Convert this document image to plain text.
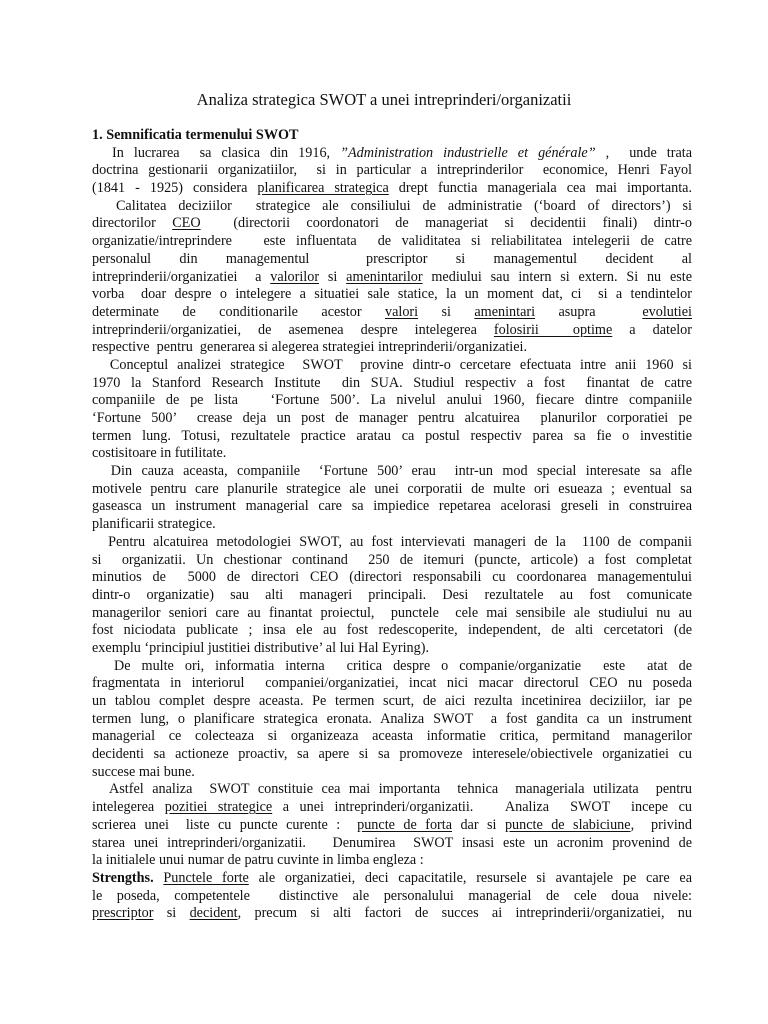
Analiza strategica SWOT a unei intreprinderi/organizatii
1. Semnificatia termenului SWOT
In lucrarea  sa clasica din 1916, ”Administration industrielle et générale” ,  unde trata
doctrina gestionarii organizatiilor,  si in particular a intreprinderilor  economice, Henri Fayol
(1841 - 1925) considera planificarea strategica drept functia manageriala cea mai importanta.
Calitatea deciziilor  strategice ale consiliului de administratie (‘board of directors’) si
directorilor CEO  (directorii coordonatori de manageriat si decidentii finali) dintr-o
organizatie/intreprindere   este influentata  de validitatea si reliabilitatea intelegerii de catre
personalul din managementul  prescriptor si managementul decident al
intreprinderii/organizatiei  a valorilor si amenintarilor mediului sau intern si extern. Si nu este
vorba  doar despre o intelegere a situatiei sale statice, la un moment dat, ci  si a tendintelor
determinate de conditionarile acestor valori si amenintari asupra  evolutiei
intreprinderii/organizatiei, de asemenea despre intelegerea folosirii  optime a datelor
respective  pentru  generarea si alegerea strategiei intreprinderii/organizatiei.
Conceptul analizei strategice  SWOT  provine dintr-o cercetare efectuata intre anii 1960 si
1970 la Stanford Research Institute  din SUA. Studiul respectiv a fost  finantat de catre
companiile de pe lista   ‘Fortune 500’. La nivelul anului 1960, fiecare dintre companiile
‘Fortune 500’  crease deja un post de manager pentru alcatuirea  planurilor corporatiei pe
termen lung. Totusi, rezultatele practice aratau ca postul respectiv parea sa fie o investitie
costisitoare in futilitate.
Din cauza aceasta, companiile  ‘Fortune 500’ erau  intr-un mod special interesate sa afle
motivele pentru care planurile strategice ale unei corporatii de multe ori esueaza ; eventual sa
gaseasca un instrument managerial care sa impiedice repetarea acelorasi greseli in construirea
planificarii strategice.
Pentru alcatuirea metodologiei SWOT, au fost intervievati manageri de la  1100 de companii
si  organizatii. Un chestionar continand  250 de itemuri (puncte, articole) a fost completat
minutios de  5000 de directori CEO (directori responsabili cu coordonarea managementului
dintr-o organizatie) sau alti manageri principali. Desi rezultatele au fost comunicate
managerilor seniori care au finantat proiectul,  punctele  cele mai sensibile ale studiului nu au
fost niciodata publicate ; insa ele au fost redescoperite, independent, de alti cercetatori (de
exemplu ‘principiul justitiei distributive’ al lui Hal Eyring).
De multe ori, informatia interna  critica despre o companie/organizatie  este  atat de
fragmentata in interiorul  companiei/organizatiei, incat nici macar directorul CEO nu poseda
un tablou complet despre aceasta. Pe termen scurt, de aici rezulta incetinirea deciziilor, iar pe
termen lung, o planificare strategica eronata. Analiza SWOT  a fost gandita ca un instrument
managerial ce colecteaza si organizeaza aceasta informatie critica, permitand managerilor
decidenti sa actioneze proactiv, sa apere si sa promoveze interesele/obiectivele organizatiei cu
succese mai bune.
Astfel analiza  SWOT constituie cea mai importanta  tehnica  manageriala utilizata  pentru
intelegerea pozitiei strategice a unei intreprinderi/organizatii.   Analiza  SWOT  incepe cu
scrierea unei  liste cu puncte curente :  puncte de forta dar si puncte de slabiciune,  privind
starea unei intreprinderi/organizatii.   Denumirea  SWOT insasi este un acronim provenind de
la initialele unui numar de patru cuvinte in limba engleza :
Strengths. Punctele forte ale organizatiei, deci capacitatile, resursele si avantajele pe care ea
le poseda, competentele  distinctive ale personalului managerial de cele doua nivele:
prescriptor si decident, precum si alti factori de succes ai intreprinderii/organizatiei, nu
